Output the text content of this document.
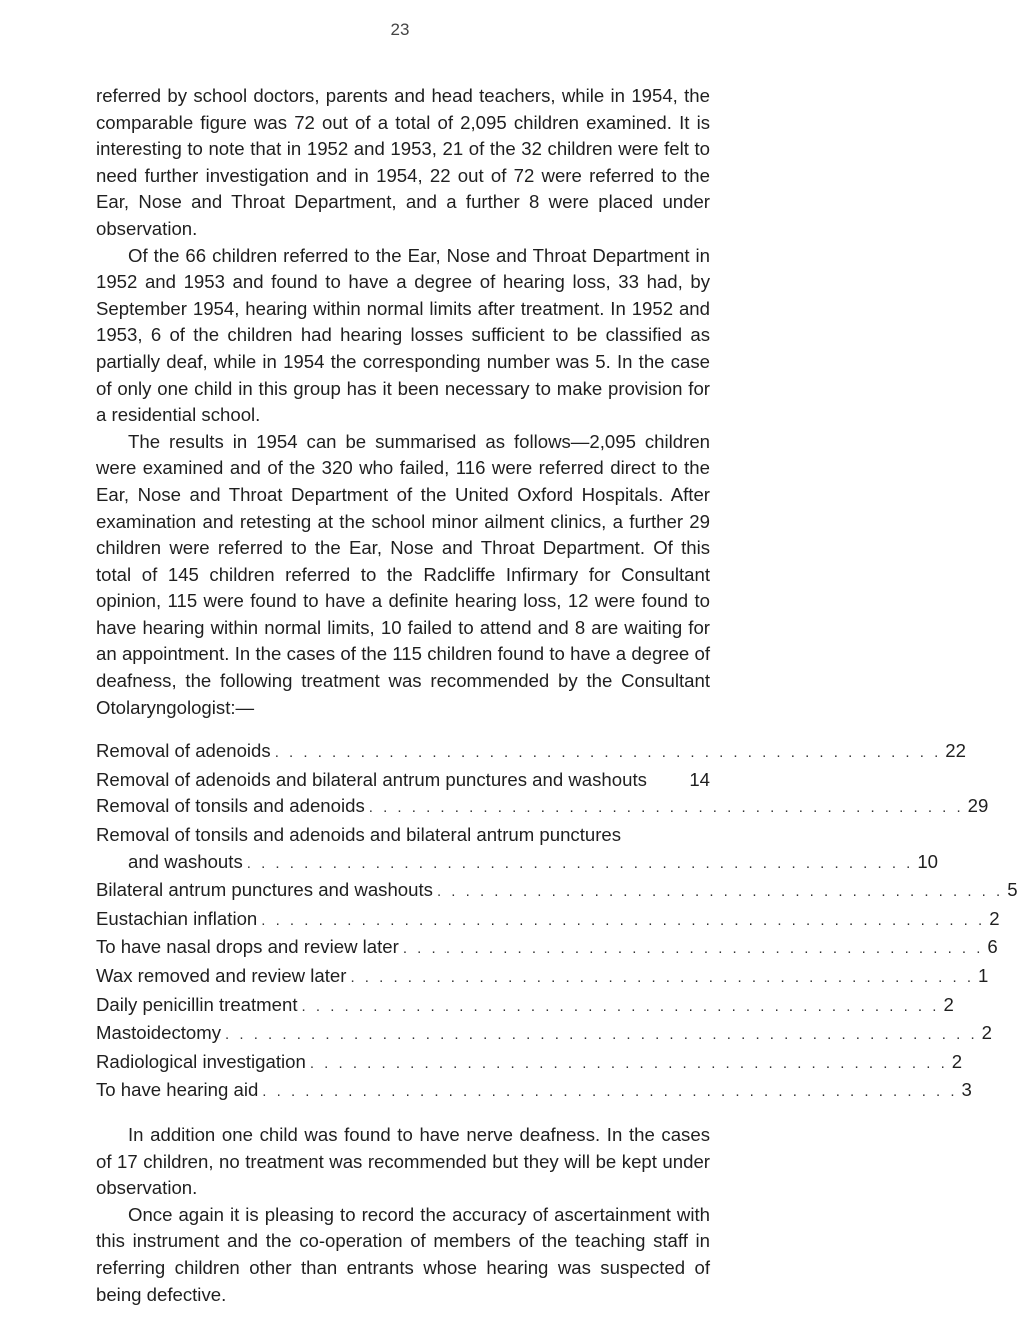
23

referred by school doctors, parents and head teachers, while in 1954, the comparable figure was 72 out of a total of 2,095 children examined. It is interesting to note that in 1952 and 1953, 21 of the 32 children were felt to need further investigation and in 1954, 22 out of 72 were referred to the Ear, Nose and Throat Department, and a further 8 were placed under observation.

Of the 66 children referred to the Ear, Nose and Throat Department in 1952 and 1953 and found to have a degree of hearing loss, 33 had, by September 1954, hearing within normal limits after treatment. In 1952 and 1953, 6 of the children had hearing losses sufficient to be classified as partially deaf, while in 1954 the corresponding number was 5. In the case of only one child in this group has it been necessary to make provision for a residential school.

The results in 1954 can be summarised as follows—2,095 children were examined and of the 320 who failed, 116 were referred direct to the Ear, Nose and Throat Department of the United Oxford Hospitals. After examination and retesting at the school minor ailment clinics, a further 29 children were referred to the Ear, Nose and Throat Department. Of this total of 145 children referred to the Radcliffe Infirmary for Consultant opinion, 115 were found to have a definite hearing loss, 12 were found to have hearing within normal limits, 10 failed to attend and 8 are waiting for an appointment. In the cases of the 115 children found to have a degree of deafness, the following treatment was recommended by the Consultant Otolaryngologist:—

Removal of adenoids . . . . . . . . . . . . . . . . . . . . . . . . . . . . . . . . . . . . . . . . . . . . . . . 22
Removal of adenoids and bilateral antrum punctures and washouts	14
Removal of tonsils and adenoids . . . . . . . . . . . . . . . . . . . . . . . . . . . . . . . . . . . . . . . . . . 29
Removal of tonsils and adenoids and bilateral antrum punctures
and washouts . . . . . . . . . . . . . . . . . . . . . . . . . . . . . . . . . . . . . . . . . . . . . . . 10
Bilateral antrum punctures and washouts . . . . . . . . . . . . . . . . . . . . . . . . . . . . . . . . . . . . . . . . 5
Eustachian inflation . . . . . . . . . . . . . . . . . . . . . . . . . . . . . . . . . . . . . . . . . . . . . . . . . . . 2
To have nasal drops and review later . . . . . . . . . . . . . . . . . . . . . . . . . . . . . . . . . . . . . . . . . 6
Wax removed and review later . . . . . . . . . . . . . . . . . . . . . . . . . . . . . . . . . . . . . . . . . . . . 1
Daily penicillin treatment . . . . . . . . . . . . . . . . . . . . . . . . . . . . . . . . . . . . . . . . . . . . . 2
Mastoidectomy . . . . . . . . . . . . . . . . . . . . . . . . . . . . . . . . . . . . . . . . . . . . . . . . . . . . . 2
Radiological investigation . . . . . . . . . . . . . . . . . . . . . . . . . . . . . . . . . . . . . . . . . . . . . 2
To have hearing aid . . . . . . . . . . . . . . . . . . . . . . . . . . . . . . . . . . . . . . . . . . . . . . . . . 3

In addition one child was found to have nerve deafness. In the cases of 17 children, no treatment was recommended but they will be kept under observation.

Once again it is pleasing to record the accuracy of ascertainment with this instrument and the co-operation of members of the teaching staff in referring children other than entrants whose hearing was suspected of being defective.
